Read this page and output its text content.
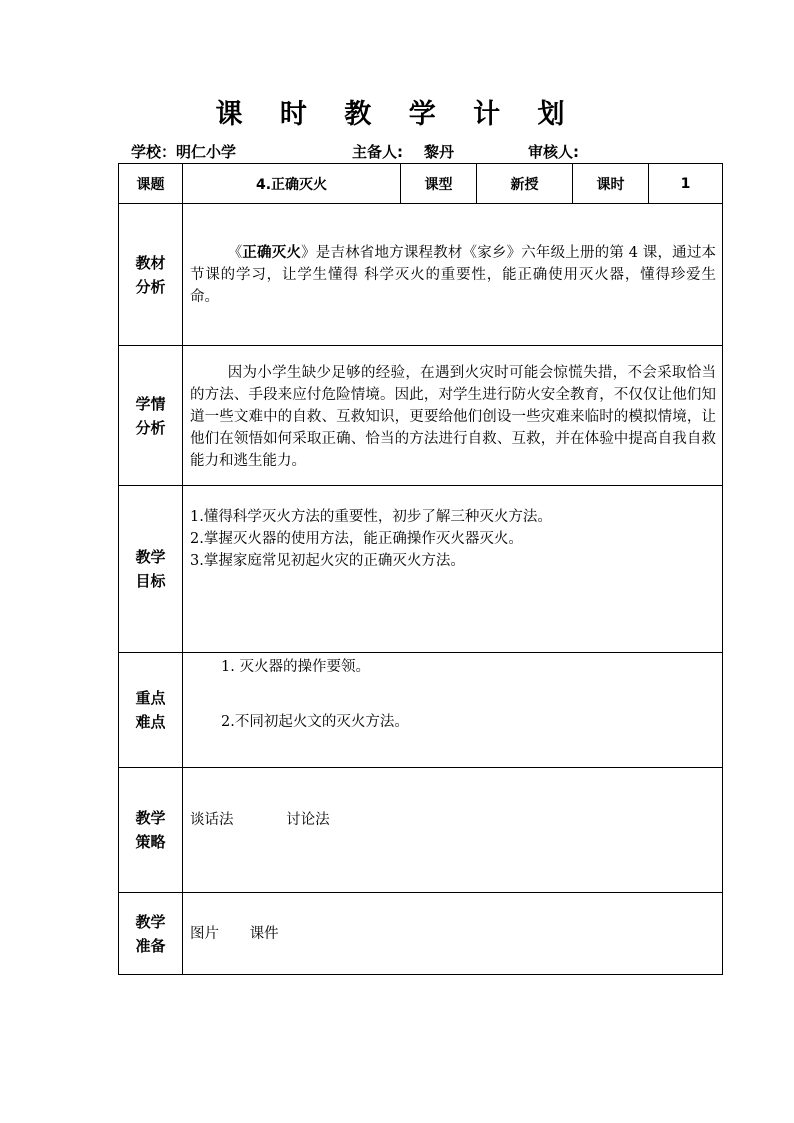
课 时 教 学 计 划
学校：明仁小学	主备人: 黎丹	审核人:
课题	4.正确灭火	课型	新授	课时	1

教材
分析	《正确灭火》是吉林省地方课程教材《家乡》六年级上册的第 4 课，通过本节课的学习，让学生懂得 科学灭火的重要性，能正确使用灭火器，懂得珍爱生命。				

学情
分析	因为小学生缺少足够的经验，在遇到火灾时可能会惊慌失措，不会采取恰当的方法、手段来应付危险情境。因此，对学生进行防火安全教育，不仅仅让他们知道一些文难中的自救、互救知识，更要给他们创设一些灾难来临时的模拟情境，让他们在领悟如何采取正确、恰当的方法进行自救、互救，并在体验中提高自我自救能力和逃生能力。				

教学
目标	1.懂得科学灭火方法的重要性，初步了解三种灭火方法。
2.掌握灭火器的使用方法，能正确操作灭火器灭火。
3.掌握家庭常见初起火灾的正确灭火方法。				

重点
难点	1. 灭火器的操作要领。
2.不同初起火文的灭火方法。				

教学
策略	谈话法 讨论法				

教学
准备	图片 课件				
